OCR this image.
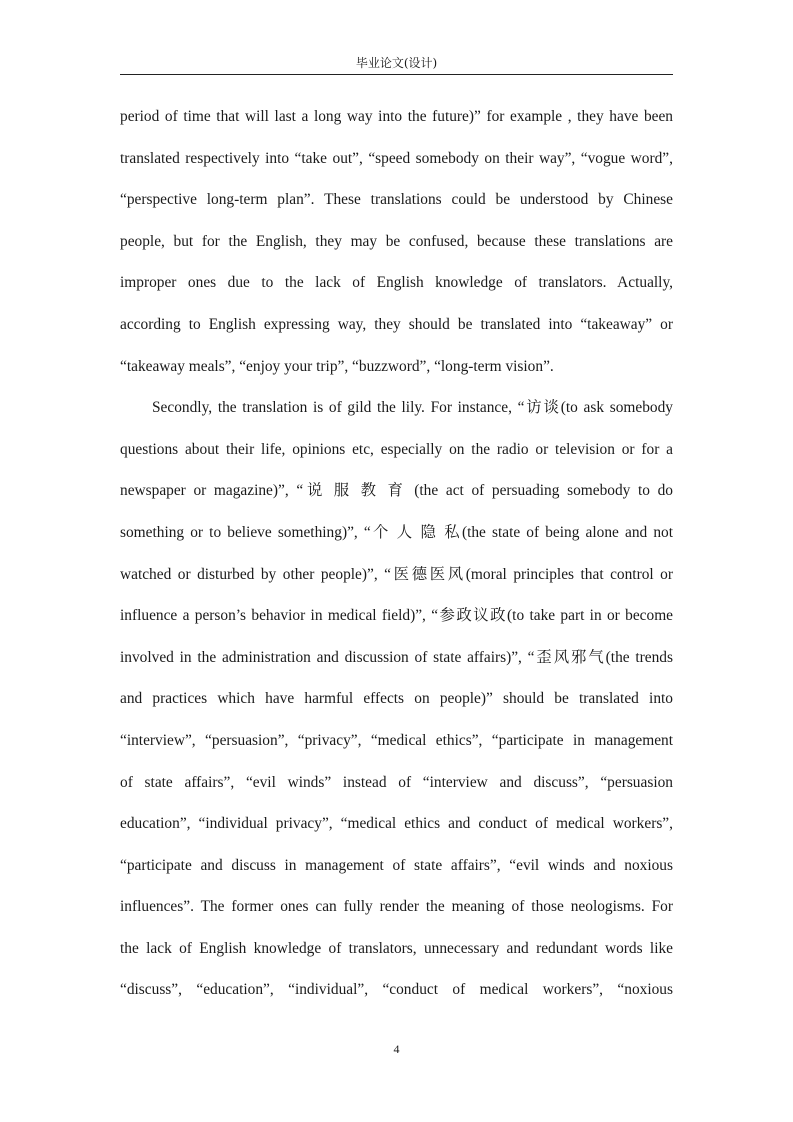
毕业论文(设计)
period of time that will last a long way into the future)” for example , they have been
translated respectively into “take out”, “speed somebody on their way”, “vogue word”,
“perspective long-term plan”. These translations could be understood by Chinese
people, but for the English, they may be confused, because these translations are
improper ones due to the lack of English knowledge of translators. Actually,
according to English expressing way, they should be translated into “takeaway” or
“takeaway meals”, “enjoy your trip”, “buzzword”, “long-term vision”.
Secondly, the translation is of gild the lily. For instance, “访谈(to ask somebody
questions about their life, opinions etc, especially on the radio or television or for a
newspaper or magazine)”, “说 服 教 育 (the act of persuading somebody to do
something or to believe something)”, “个 人 隐 私(the state of being alone and not
watched or disturbed by other people)”, “医德医风(moral principles that control or
influence a person’s behavior in medical field)”, “参政议政(to take part in or become
involved in the administration and discussion of state affairs)”, “歪风邪气(the trends
and practices which have harmful effects on people)” should be translated into
“interview”, “persuasion”, “privacy”, “medical ethics”, “participate in management
of state affairs”, “evil winds” instead of “interview and discuss”, “persuasion
education”, “individual privacy”, “medical ethics and conduct of medical workers”,
“participate and discuss in management of state affairs”, “evil winds and noxious
influences”. The former ones can fully render the meaning of those neologisms. For
the lack of English knowledge of translators, unnecessary and redundant words like
“discuss”, “education”, “individual”, “conduct of medical workers”, “noxious
4
